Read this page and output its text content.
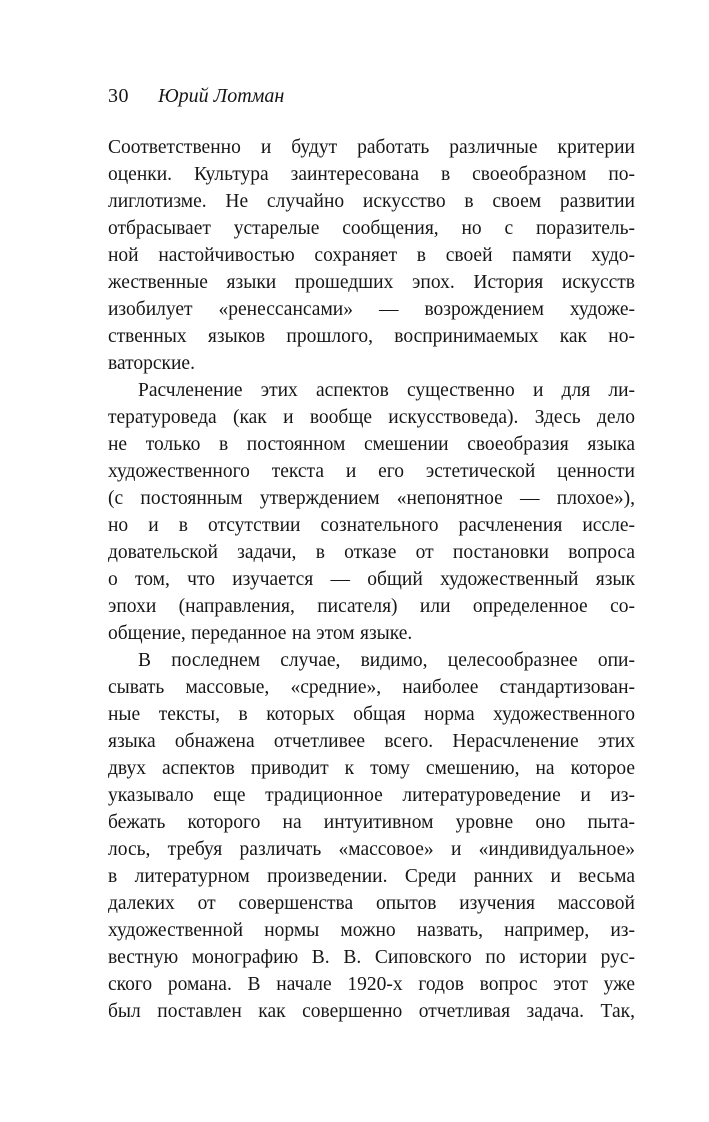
30 Юрий Лотман
Соответственно и будут работать различные критерии
оценки. Культура заинтересована в своеобразном по-
лиглотизме. Не случайно искусство в своем развитии
отбрасывает устарелые сообщения, но с поразитель-
ной настойчивостью сохраняет в своей памяти худо-
жественные языки прошедших эпох. История искусств
изобилует «ренессансами» — возрождением художе-
ственных языков прошлого, воспринимаемых как но-
ваторские.
Расчленение этих аспектов существенно и для ли-
тературоведа (как и вообще искусствоведа). Здесь дело
не только в постоянном смешении своеобразия языка
художественного текста и его эстетической ценности
(с постоянным утверждением «непонятное — плохое»),
но и в отсутствии сознательного расчленения иссле-
довательской задачи, в отказе от постановки вопроса
о том, что изучается — общий художественный язык
эпохи (направления, писателя) или определенное со-
общение, переданное на этом языке.
В последнем случае, видимо, целесообразнее опи-
сывать массовые, «средние», наиболее стандартизован-
ные тексты, в которых общая норма художественного
языка обнажена отчетливее всего. Нерасчленение этих
двух аспектов приводит к тому смешению, на которое
указывало еще традиционное литературоведение и из-
бежать которого на интуитивном уровне оно пыта-
лось, требуя различать «массовое» и «индивидуальное»
в литературном произведении. Среди ранних и весьма
далеких от совершенства опытов изучения массовой
художественной нормы можно назвать, например, из-
вестную монографию В. В. Сиповского по истории рус-
ского романа. В начале 1920-х годов вопрос этот уже
был поставлен как совершенно отчетливая задача. Так,
